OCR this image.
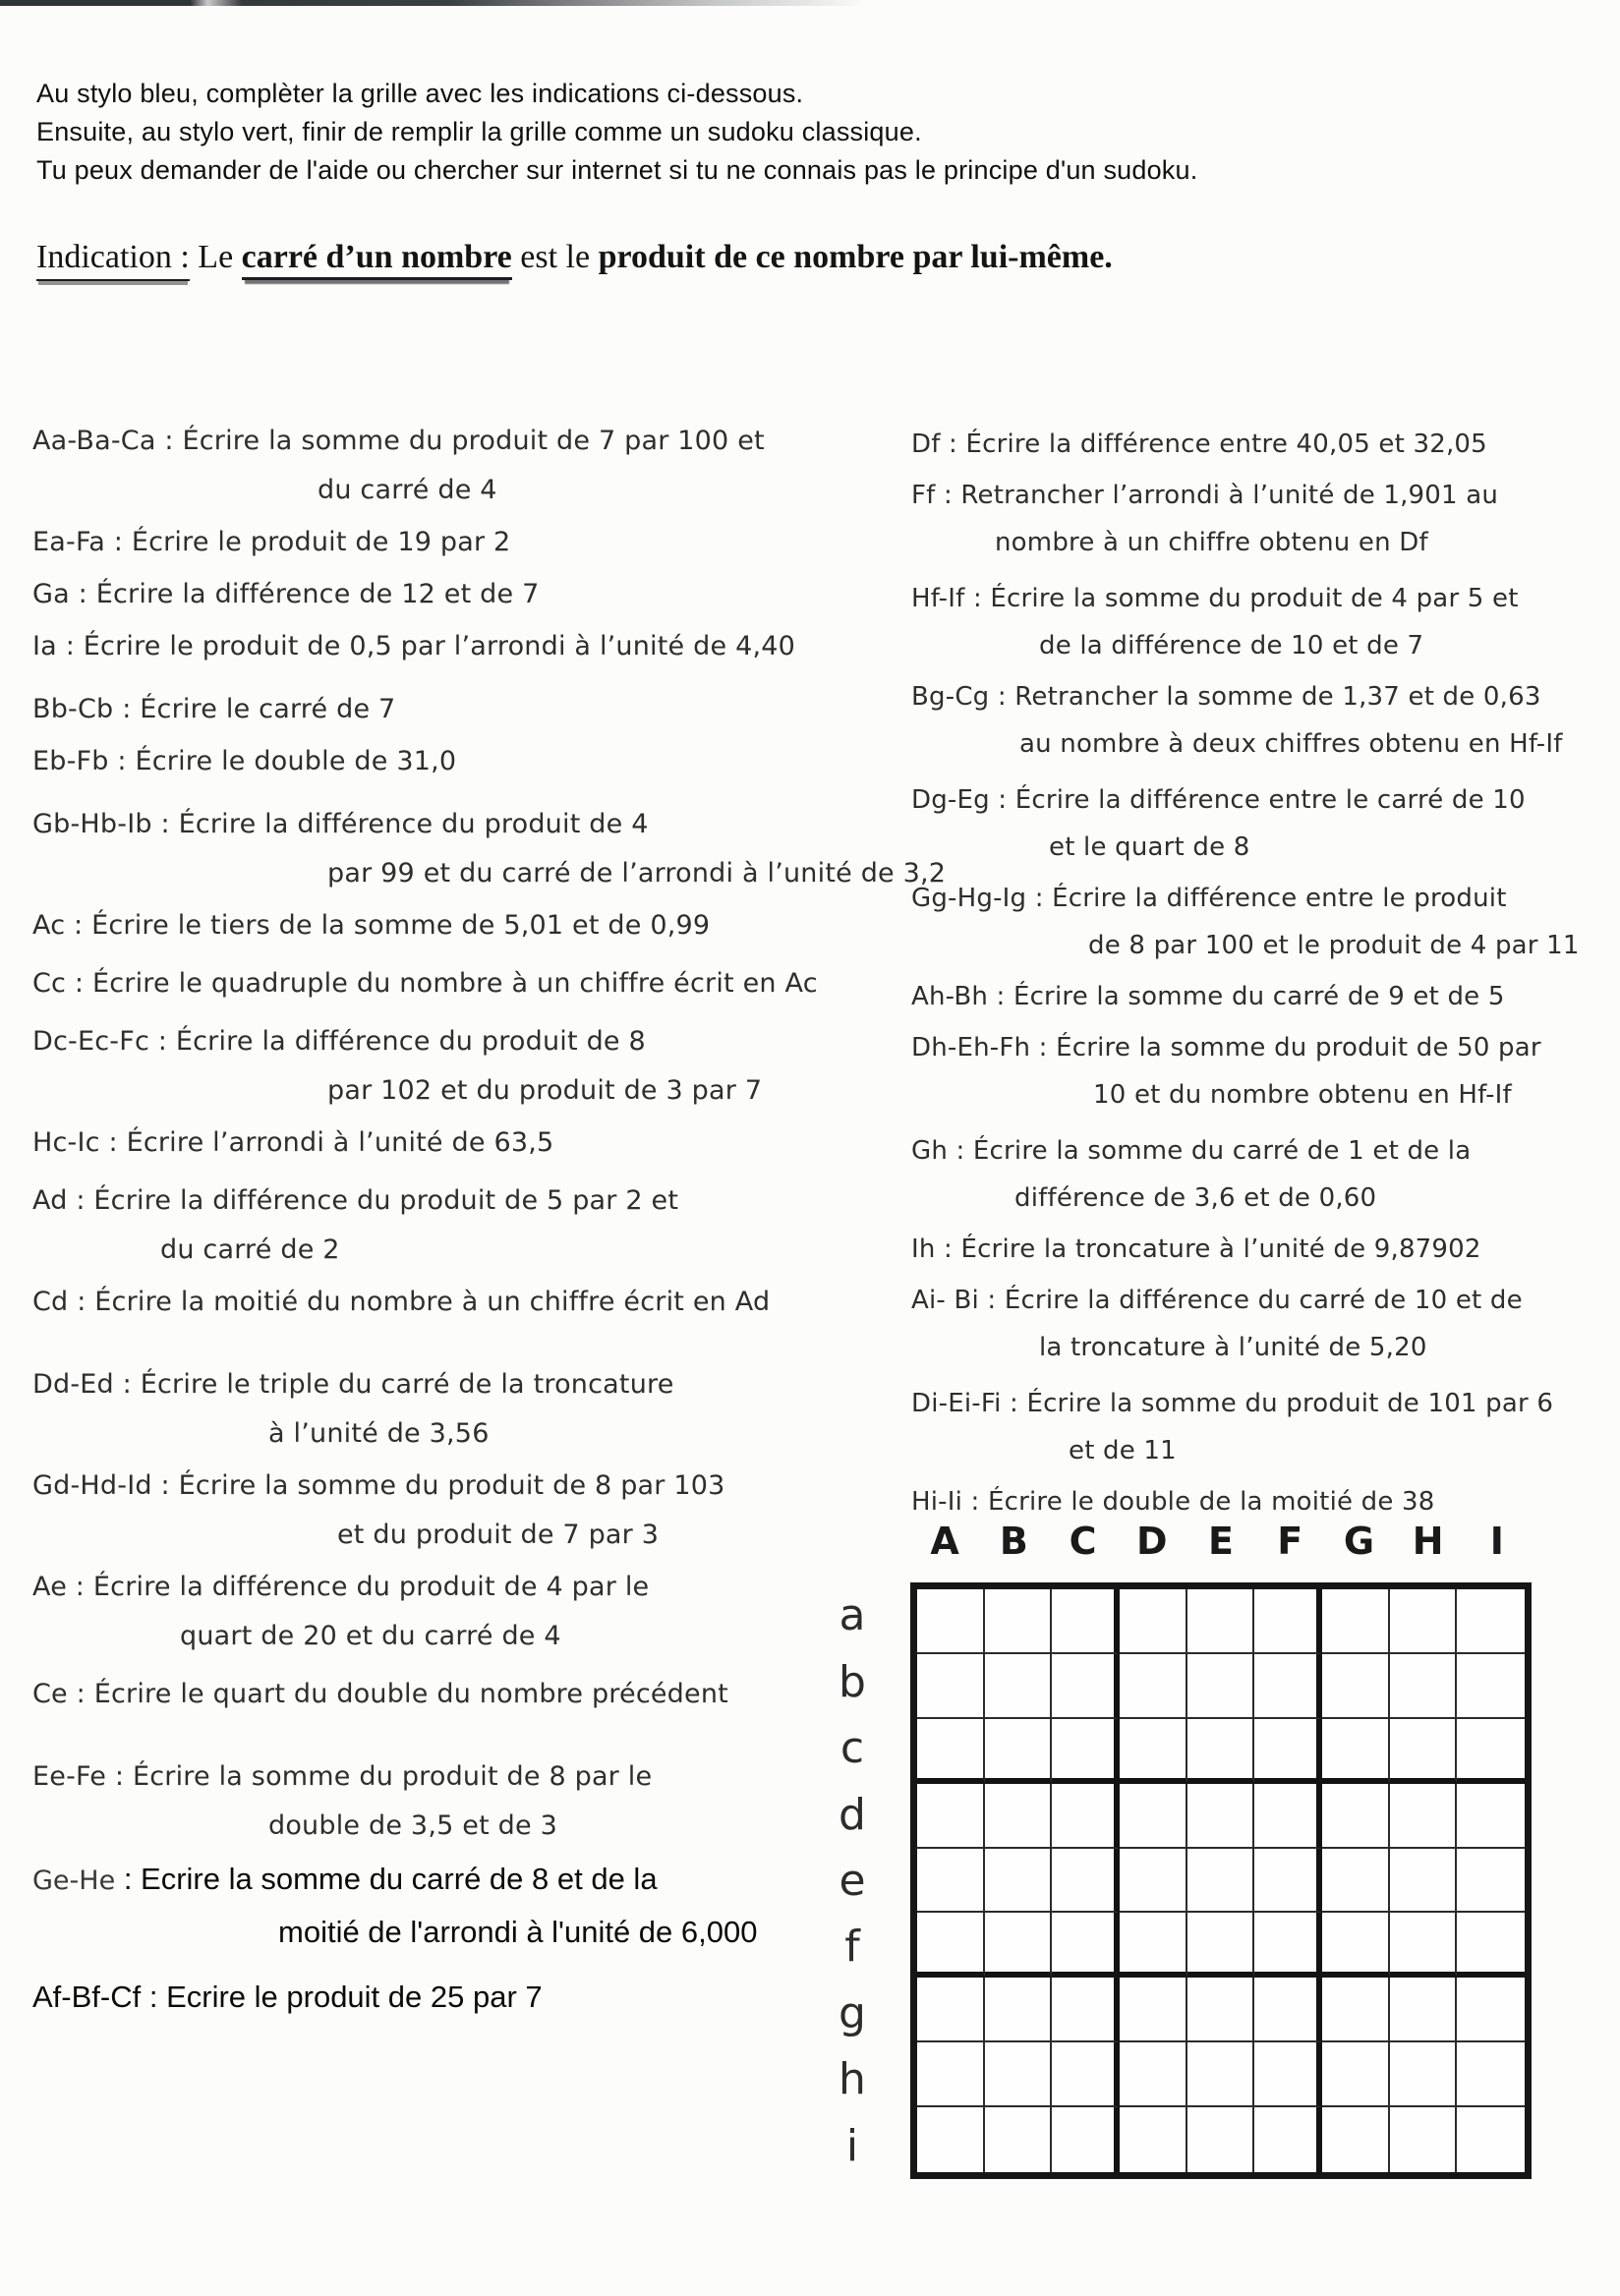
Au stylo bleu, complèter la grille avec les indications ci-dessous.
Ensuite, au stylo vert, finir de remplir la grille comme un sudoku classique.
Tu peux demander de l'aide ou chercher sur internet si tu ne connais pas le principe d'un sudoku.
Indication : Le carré d’un nombre est le produit de ce nombre par lui-même.
Aa-Ba-Ca : Écrire la somme du produit de 7 par 100 et
du carré de 4
Ea-Fa : Écrire le produit de 19 par 2
Ga : Écrire la différence de 12 et de 7
Ia : Écrire le produit de 0,5 par l’arrondi à l’unité de 4,40
Bb-Cb : Écrire le carré de 7
Eb-Fb : Écrire le double de 31,0
Gb-Hb-Ib : Écrire la différence du produit de 4
par 99 et du carré de l’arrondi à l’unité de 3,2
Ac : Écrire le tiers de la somme de 5,01 et de 0,99
Cc : Écrire le quadruple du nombre à un chiffre écrit en Ac
Dc-Ec-Fc : Écrire la différence du produit de 8
par 102 et du produit de 3 par 7
Hc-Ic : Écrire l’arrondi à l’unité de 63,5
Ad : Écrire la différence du produit de 5 par 2 et
du carré de 2
Cd : Écrire la moitié du nombre à un chiffre écrit en Ad
Dd-Ed : Écrire le triple du carré de la troncature
à l’unité de 3,56
Gd-Hd-Id : Écrire la somme du produit de 8 par 103
et du produit de 7 par 3
Ae : Écrire la différence du produit de 4 par le
quart de 20 et du carré de 4
Ce : Écrire le quart du double du nombre précédent
Ee-Fe : Écrire la somme du produit de 8 par le
double de 3,5 et de 3
Ge-He : Ecrire la somme du carré de 8 et de la
moitié de l'arrondi à l'unité de 6,000
Af-Bf-Cf : Ecrire le produit de 25 par 7
Df : Écrire la différence entre 40,05 et 32,05
Ff : Retrancher l’arrondi à l’unité de 1,901 au
nombre à un chiffre obtenu en Df
Hf-If : Écrire la somme du produit de 4 par 5 et
de la différence de 10 et de 7
Bg-Cg : Retrancher la somme de 1,37 et de 0,63
au nombre à deux chiffres obtenu en Hf-If
Dg-Eg : Écrire la différence entre le carré de 10
et le quart de 8
Gg-Hg-Ig : Écrire la différence entre le produit
de 8 par 100 et le produit de 4 par 11
Ah-Bh : Écrire la somme du carré de 9 et de 5
Dh-Eh-Fh : Écrire la somme du produit de 50 par
10 et du nombre obtenu en Hf-If
Gh : Écrire la somme du carré de 1 et de la
différence de 3,6 et de 0,60
Ih : Écrire la troncature à l’unité de 9,87902
Ai- Bi : Écrire la différence du carré de 10 et de
la troncature à l’unité de 5,20
Di-Ei-Fi : Écrire la somme du produit de 101 par 6
et de 11
Hi-Ii : Écrire le double de la moitié de 38
A	B	C	D	E	F	G	H	I
a
b
c
d
e
f
g
h
i
